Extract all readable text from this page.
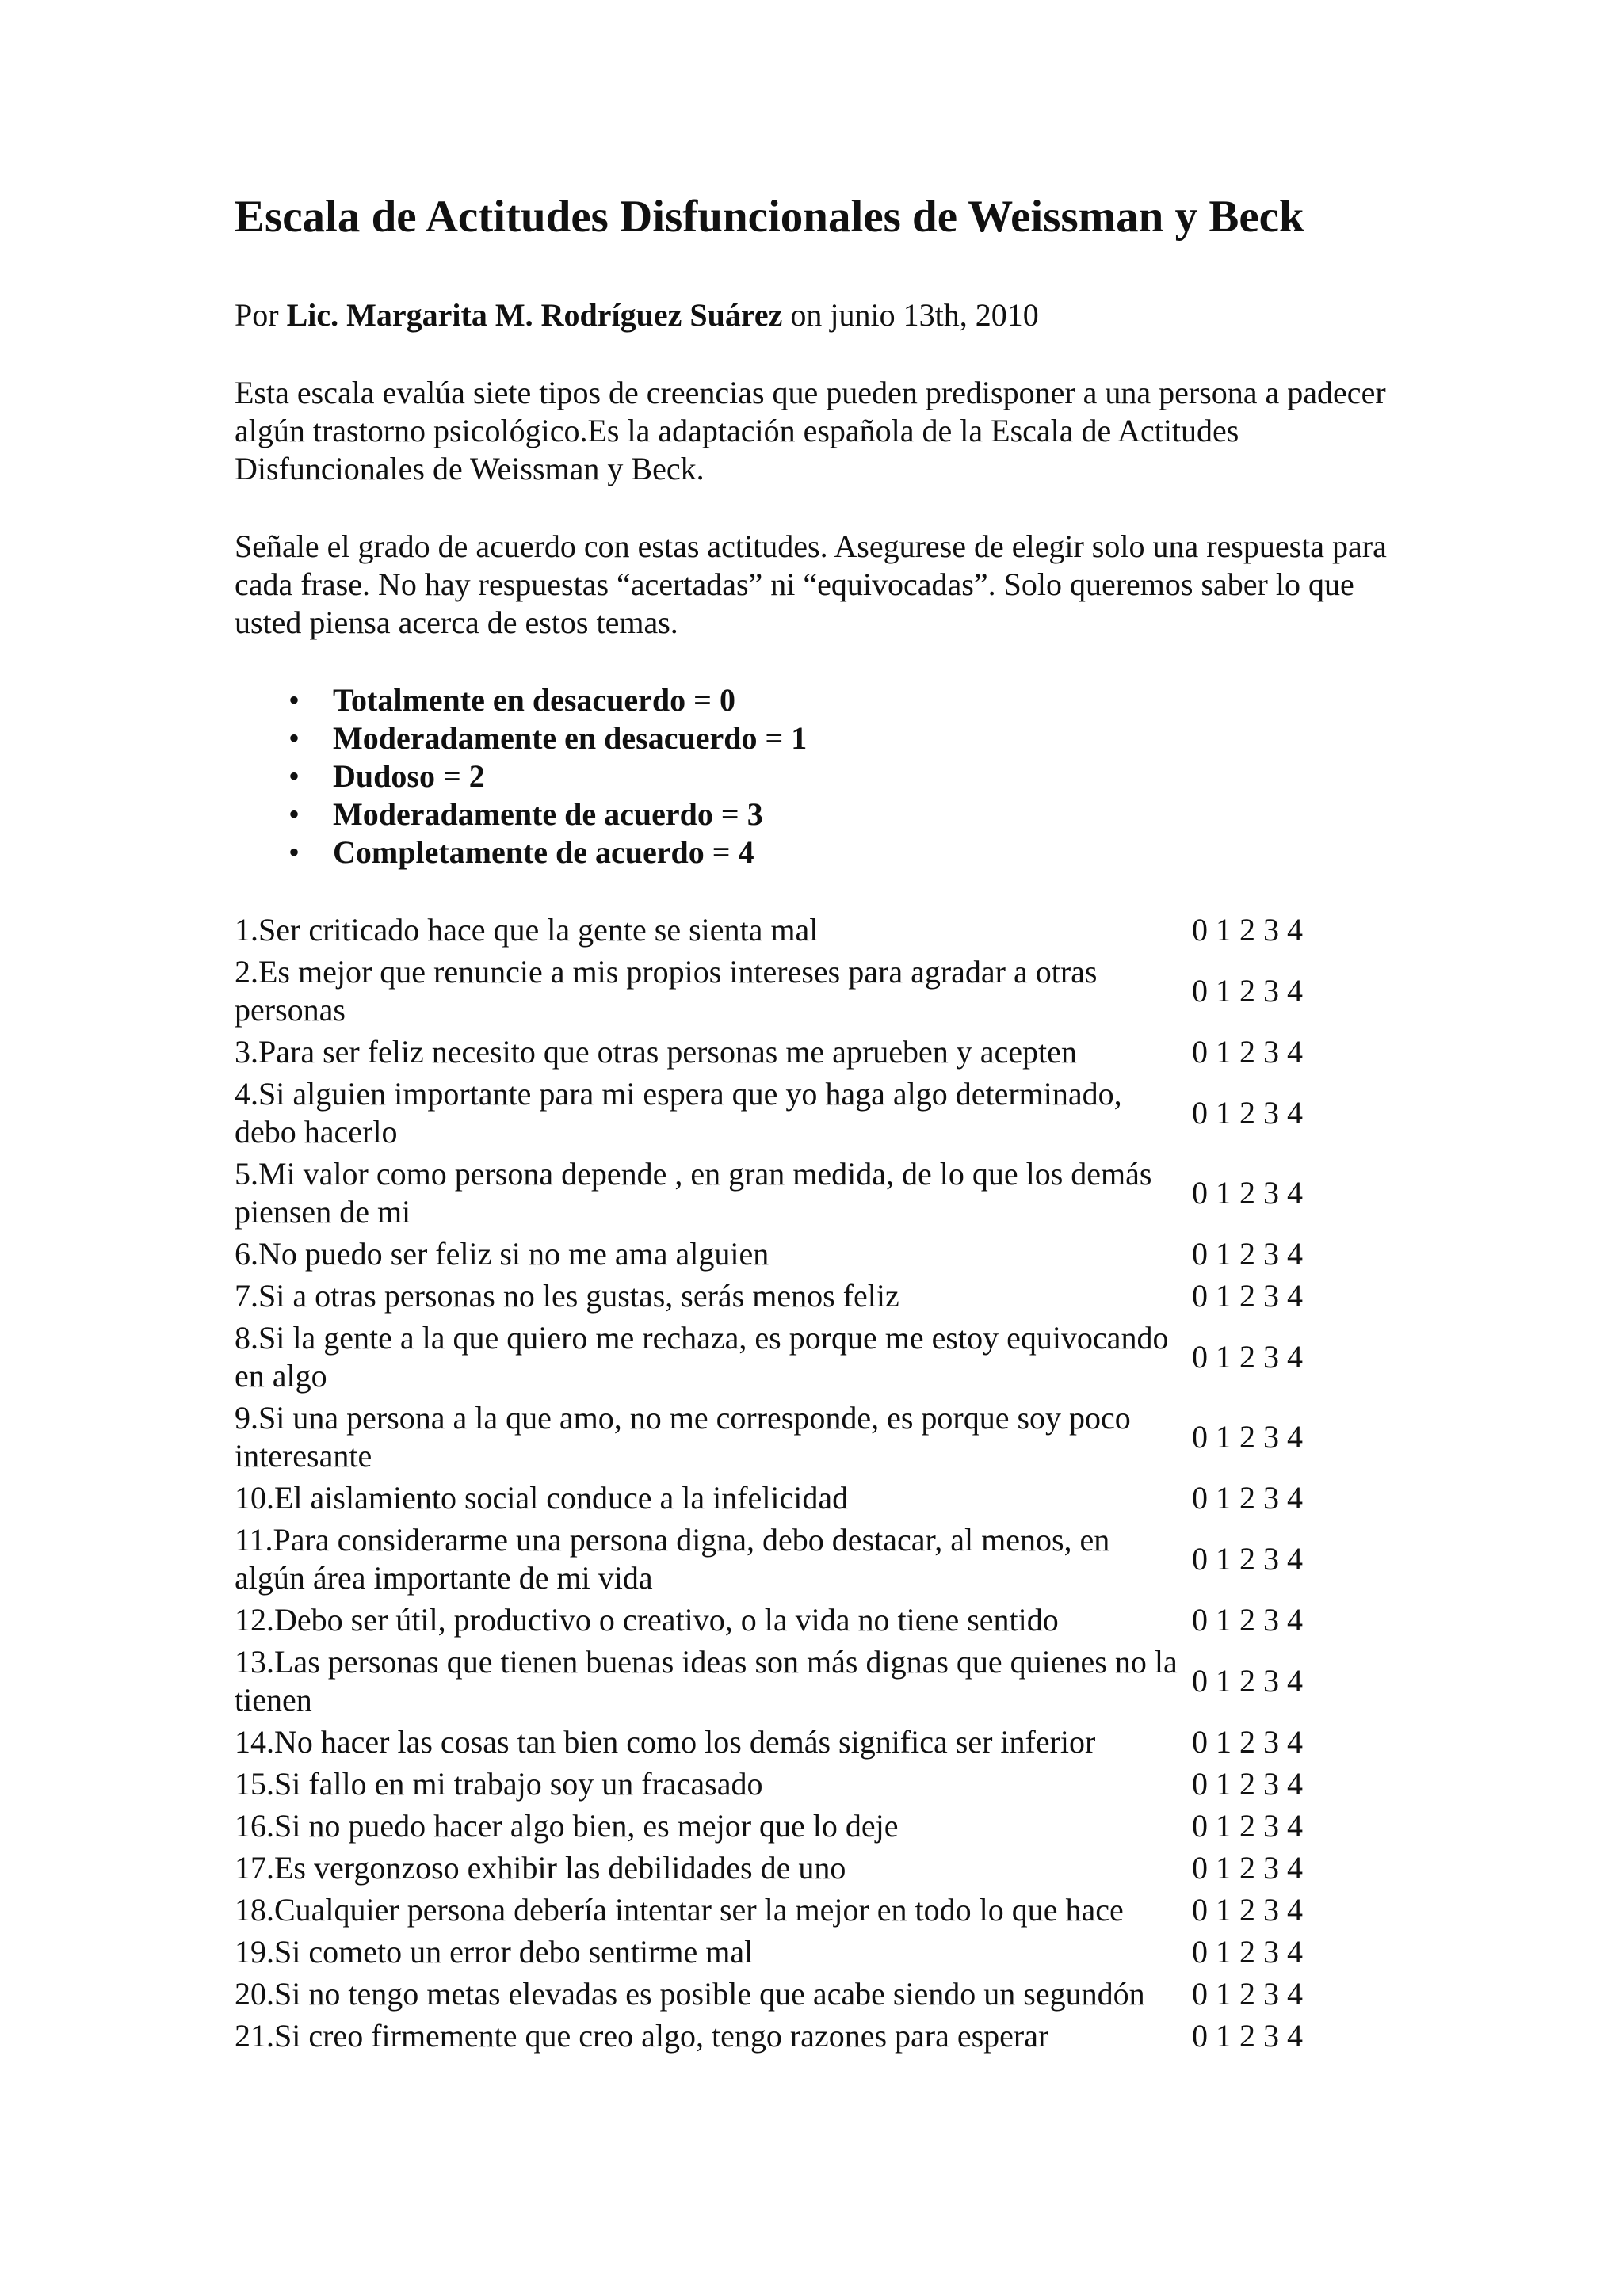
Escala de Actitudes Disfuncionales de Weissman y Beck
Por Lic. Margarita M. Rodríguez Suárez on junio 13th, 2010

Esta escala evalúa siete tipos de creencias que pueden predisponer a una persona a padecer algún trastorno psicológico.Es la adaptación española de la Escala de Actitudes Disfuncionales de Weissman y Beck.

Señale el grado de acuerdo con estas actitudes. Asegurese de elegir solo una respuesta para cada frase. No hay respuestas “acertadas” ni “equivocadas”. Solo queremos saber lo que usted piensa acerca de estos temas.

• Totalmente en desacuerdo = 0
• Moderadamente en desacuerdo = 1
• Dudoso = 2
• Moderadamente de acuerdo = 3
• Completamente de acuerdo = 4
1.Ser criticado hace que la gente se sienta mal	0 1 2 3 4
2.Es mejor que renuncie a mis propios intereses para agradar a otras personas
0 1 2 3 4
3.Para ser feliz necesito que otras personas me aprueben y acepten	0 1 2 3 4
4.Si alguien importante para mi espera que yo haga algo determinado, debo hacerlo
0 1 2 3 4
5.Mi valor como persona depende , en gran medida, de lo que los demás piensen de mi
0 1 2 3 4
6.No puedo ser feliz si no me ama alguien	0 1 2 3 4
7.Si a otras personas no les gustas, serás menos feliz	0 1 2 3 4
8.Si la gente a la que quiero me rechaza, es porque me estoy equivocando en algo
0 1 2 3 4
9.Si una persona a la que amo, no me corresponde, es porque soy poco interesante
0 1 2 3 4
10.El aislamiento social conduce a la infelicidad	0 1 2 3 4
11.Para considerarme una persona digna, debo destacar, al menos, en algún área importante de mi vida
0 1 2 3 4
12.Debo ser útil, productivo o creativo, o la vida no tiene sentido	0 1 2 3 4
13.Las personas que tienen buenas ideas son más dignas que quienes no la tienen
0 1 2 3 4
14.No hacer las cosas tan bien como los demás significa ser inferior	0 1 2 3 4
15.Si fallo en mi trabajo soy un fracasado	0 1 2 3 4
16.Si no puedo hacer algo bien, es mejor que lo deje	0 1 2 3 4
17.Es vergonzoso exhibir las debilidades de uno	0 1 2 3 4
18.Cualquier persona debería intentar ser la mejor en todo lo que hace	0 1 2 3 4
19.Si cometo un error debo sentirme mal	0 1 2 3 4
20.Si no tengo metas elevadas es posible que acabe siendo un segundón	0 1 2 3 4
21.Si creo firmemente que creo algo, tengo razones para esperar	0 1 2 3 4
